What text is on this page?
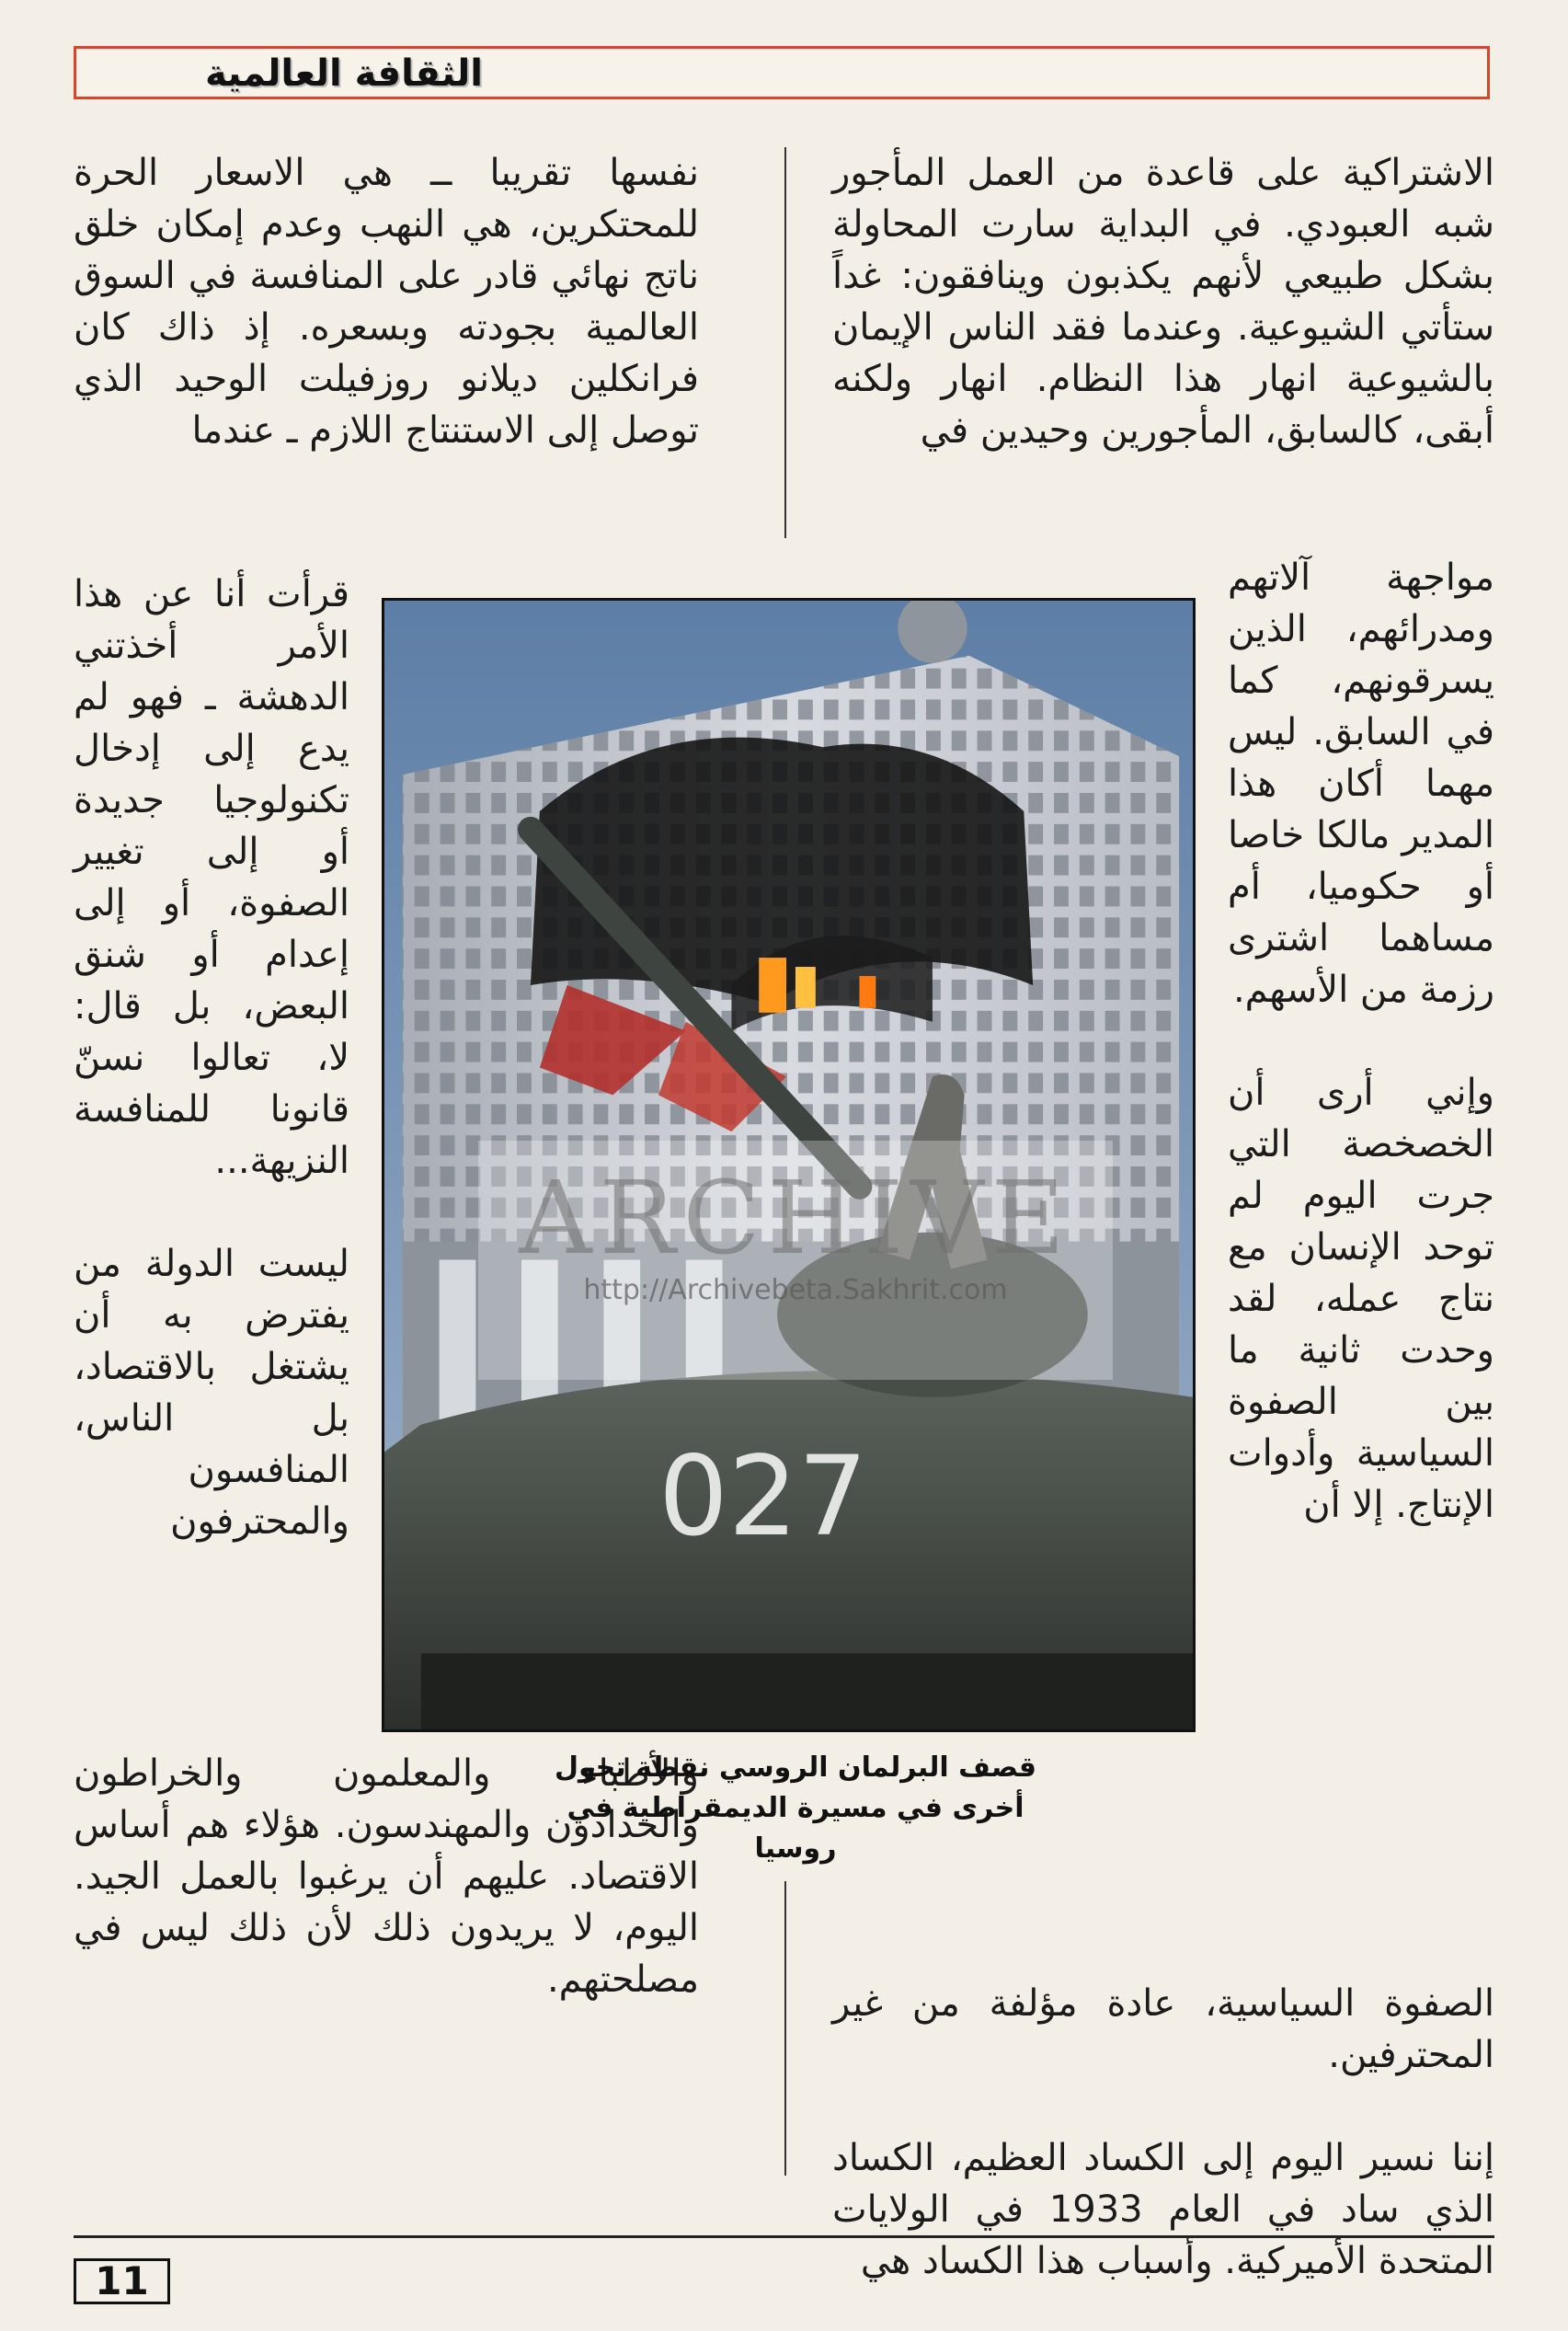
الثقافة العالمية

الاشتراكية على قاعدة من العمل المأجور شبه العبودي. في البداية سارت المحاولة بشكل طبيعي لأنهم يكذبون وينافقون: غداً ستأتي الشيوعية. وعندما فقد الناس الإيمان بالشيوعية انهار هذا النظام. انهار ولكنه أبقى، كالسابق، المأجورين وحيدين في

مواجهة آلاتهم ومدرائهم، الذين يسرقونهم، كما في السابق. ليس مهما أكان هذا المدير مالكا خاصا أو حكوميا، أم مساهما اشترى رزمة من الأسهم.

وإني أرى أن الخصخصة التي جرت اليوم لم توحد الإنسان مع نتاج عمله، لقد وحدت ثانية ما بين الصفوة السياسية وأدوات الإنتاج. إلا أن

الصفوة السياسية، عادة مؤلفة من غير المحترفين.

إننا نسير اليوم إلى الكساد العظيم، الكساد الذي ساد في العام 1933 في الولايات المتحدة الأميركية. وأسباب هذا الكساد هي

نفسها تقريبا ــ هي الاسعار الحرة للمحتكرين، هي النهب وعدم إمكان خلق ناتج نهائي قادر على المنافسة في السوق العالمية بجودته وبسعره. إذ ذاك كان فرانكلين ديلانو روزفيلت الوحيد الذي توصل إلى الاستنتاج اللازم ـ عندما

قرأت أنا عن هذا الأمر أخذتني الدهشة ـ فهو لم يدع إلى إدخال تكنولوجيا جديدة أو إلى تغيير الصفوة، أو إلى إعدام أو شنق البعض، بل قال: لا، تعالوا نسنّ قانونا للمنافسة النزيهة...

ليست الدولة من يفترض به أن يشتغل بالاقتصاد، بل الناس، المنافسون والمحترفون

والأطباء والمعلمون والخراطون والحدادون والمهندسون. هؤلاء هم أساس الاقتصاد. عليهم أن يرغبوا بالعمل الجيد. اليوم، لا يريدون ذلك لأن ذلك ليس في مصلحتهم.

027
ARCHIVE
http://Archivebeta.Sakhrit.com

قصف البرلمان الروسي نقطة تحول أخرى في مسيرة الديمقراطية في روسيا

11
